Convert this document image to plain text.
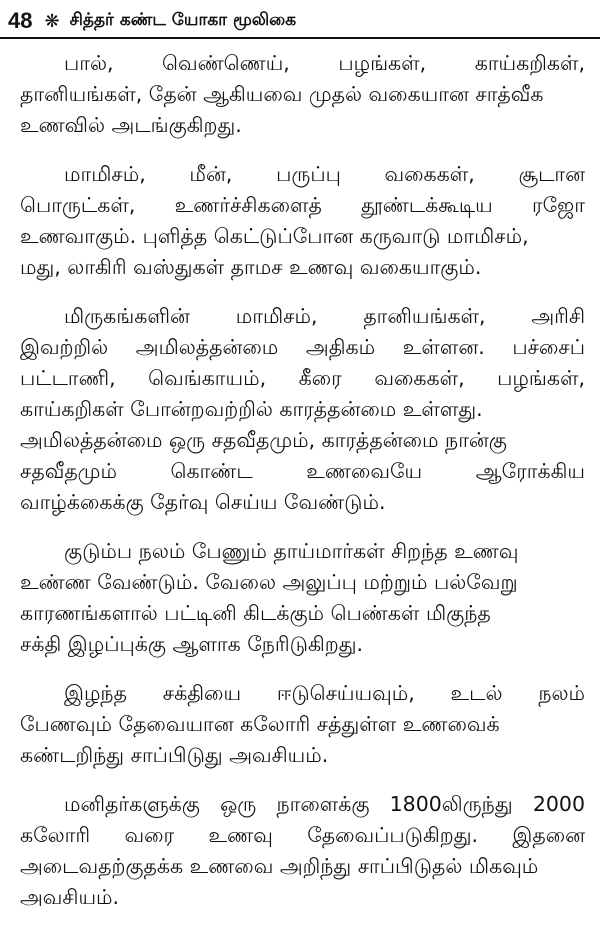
48 ❋ சித்தர் கண்ட யோகா மூலிகை
பால், வெண்ணெய், பழங்கள், காய்கறிகள்,
தானியங்கள், தேன் ஆகியவை முதல் வகையான சாத்வீக
உணவில் அடங்குகிறது.
மாமிசம், மீன், பருப்பு வகைகள், சூடான
பொருட்கள், உணர்ச்சிகளைத் தூண்டக்கூடிய ரஜோ
உணவாகும். புளித்த கெட்டுப்போன கருவாடு மாமிசம்,
மது, லாகிரி வஸ்துகள் தாமச உணவு வகையாகும்.
மிருகங்களின் மாமிசம், தானியங்கள், அரிசி
இவற்றில் அமிலத்தன்மை அதிகம் உள்ளன. பச்சைப்
பட்டாணி, வெங்காயம், கீரை வகைகள், பழங்கள்,
காய்கறிகள் போன்றவற்றில் காரத்தன்மை உள்ளது.
அமிலத்தன்மை ஒரு சதவீதமும், காரத்தன்மை நான்கு
சதவீதமும் கொண்ட உணவையே ஆரோக்கிய
வாழ்க்கைக்கு தேர்வு செய்ய வேண்டும்.
குடும்ப நலம் பேணும் தாய்மார்கள் சிறந்த உணவு
உண்ண வேண்டும். வேலை அலுப்பு மற்றும் பல்வேறு
காரணங்களால் பட்டினி கிடக்கும் பெண்கள் மிகுந்த
சக்தி இழப்புக்கு ஆளாக நேரிடுகிறது.
இழந்த சக்தியை ஈடுசெய்யவும், உடல் நலம்
பேணவும் தேவையான கலோரி சத்துள்ள உணவைக்
கண்டறிந்து சாப்பிடுது அவசியம்.
மனிதர்களுக்கு ஒரு நாளைக்கு 1800லிருந்து 2000
கலோரி வரை உணவு தேவைப்படுகிறது. இதனை
அடைவதற்குதக்க உணவை அறிந்து சாப்பிடுதல் மிகவும்
அவசியம்.
